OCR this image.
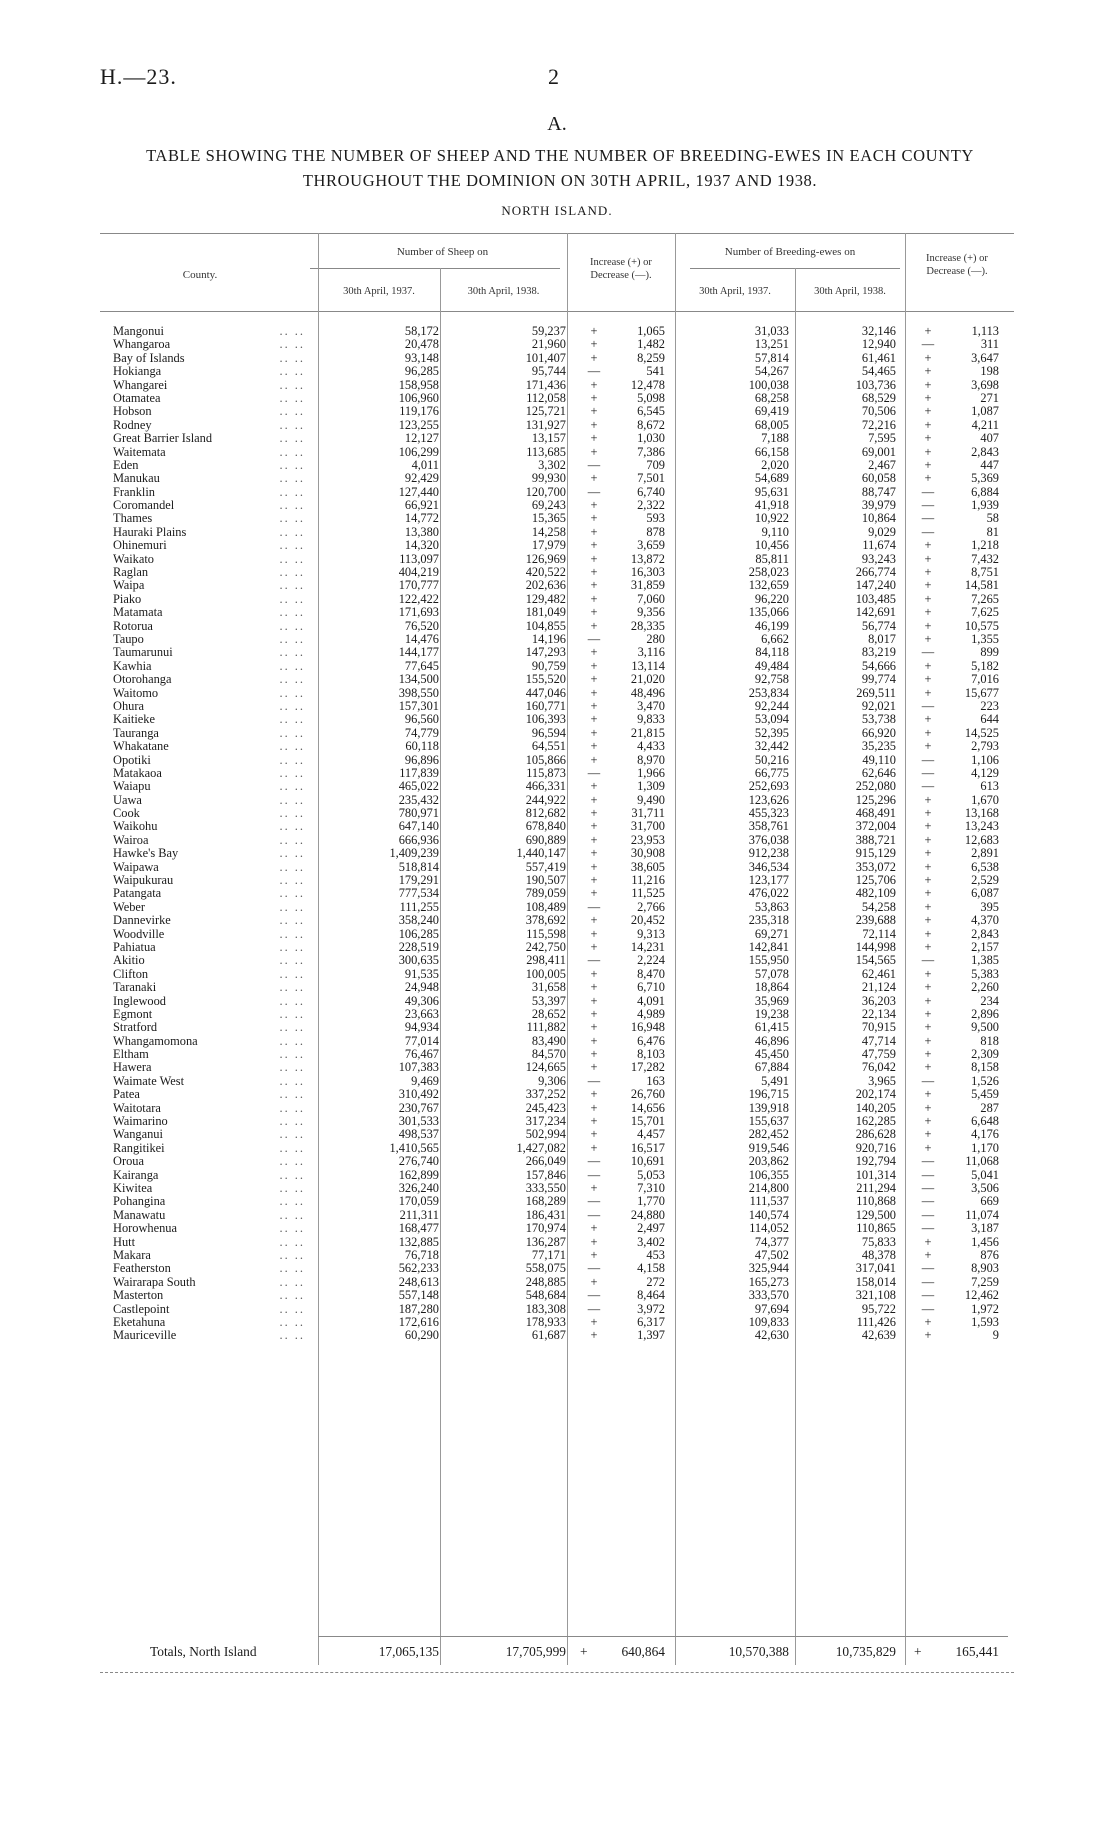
H.—23.	2
A.
TABLE SHOWING THE NUMBER OF SHEEP AND THE NUMBER OF BREEDING-EWES IN EACH COUNTY
THROUGHOUT THE DOMINION ON 30TH APRIL, 1937 AND 1938.
NORTH ISLAND.
County.
Number of Sheep on
30th April, 1937.	30th April, 1938.
Increase (+) or Decrease (—).
Number of Breeding-ewes on
30th April, 1937.	30th April, 1938.
Increase (+) or Decrease (—).
Mangonui	58,172	59,237	+	1,065	31,033	32,146	+	1,113
.. ..
Whangaroa	20,478	21,960	+	1,482	13,251	12,940 —	311
.. ..
Bay of Islands	93,148	101,407	+	8,259	57,814	61,461	+	3,647
.. ..
Hokianga	96,285	95,744 —	541	54,267	54,465	+	198
.. ..
Whangarei	158,958	171,436	+	12,478	100,038	103,736	+	3,698
.. ..
Otamatea	106,960	112,058	+	5,098	68,258	68,529	+	271
.. ..
Hobson	119,176	125,721	+	6,545	69,419	70,506	+	1,087
.. ..
Rodney	123,255	131,927	+	8,672	68,005	72,216	+	4,211
.. ..
Great Barrier Island	12,127	13,157	+	1,030	7,188	7,595	+	407
.. ..
Waitemata	106,299	113,685	+	7,386	66,158	69,001	+	2,843
.. ..
Eden	4,011	3,302 —	709	2,020	2,467	+	447
.. ..
Manukau	92,429	99,930	+	7,501	54,689	60,058	+	5,369
.. ..
Franklin	127,440	120,700 —	6,740	95,631	88,747 —	6,884
.. ..
Coromandel	66,921	69,243	+	2,322	41,918	39,979 —	1,939
.. ..
Thames	14,772	15,365	+	593	10,922	10,864 —	58
.. ..
Hauraki Plains	13,380	14,258	+	878	9,110	9,029 —	81
.. ..
Ohinemuri	14,320	17,979	+	3,659	10,456	11,674	+	1,218
.. ..
Waikato	113,097	126,969	+	13,872	85,811	93,243	+	7,432
.. ..
Raglan	404,219	420,522	+	16,303	258,023	266,774	+	8,751
.. ..
Waipa	170,777	202,636	+	31,859	132,659	147,240	+	14,581
.. ..
Piako	122,422	129,482	+	7,060	96,220	103,485	+	7,265
.. ..
Matamata	171,693	181,049	+	9,356	135,066	142,691	+	7,625
.. ..
Rotorua	76,520	104,855	+	28,335	46,199	56,774	+	10,575
.. ..
Taupo	14,476	14,196 —	280	6,662	8,017	+	1,355
.. ..
Taumarunui	144,177	147,293	+	3,116	84,118	83,219 —	899
.. ..
Kawhia	77,645	90,759	+	13,114	49,484	54,666	+	5,182
.. ..
Otorohanga	134,500	155,520	+	21,020	92,758	99,774	+	7,016
.. ..
Waitomo	398,550	447,046	+	48,496	253,834	269,511	+	15,677
.. ..
Ohura	157,301	160,771	+	3,470	92,244	92,021 —	223
.. ..
Kaitieke	96,560	106,393	+	9,833	53,094	53,738	+	644
.. ..
Tauranga	74,779	96,594	+	21,815	52,395	66,920	+	14,525
.. ..
Whakatane	60,118	64,551	+	4,433	32,442	35,235	+	2,793
.. ..
Opotiki	96,896	105,866	+	8,970	50,216	49,110 —	1,106
.. ..
Matakaoa	117,839	115,873 —	1,966	66,775	62,646 —	4,129
.. ..
Waiapu	465,022	466,331	+	1,309	252,693	252,080 —	613
.. ..
Uawa	235,432	244,922	+	9,490	123,626	125,296	+	1,670
.. ..
Cook	780,971	812,682	+	31,711	455,323	468,491	+	13,168
.. ..
Waikohu	647,140	678,840	+	31,700	358,761	372,004	+	13,243
.. ..
Wairoa	666,936	690,889	+	23,953	376,038	388,721	+	12,683
.. ..
Hawke's Bay	1,409,239	1,440,147	+	30,908	912,238	915,129	+	2,891
.. ..
Waipawa	518,814	557,419	+	38,605	346,534	353,072	+	6,538
.. ..
Waipukurau	179,291	190,507	+	11,216	123,177	125,706	+	2,529
.. ..
Patangata	777,534	789,059	+	11,525	476,022	482,109	+	6,087
.. ..
Weber	111,255	108,489 —	2,766	53,863	54,258	+	395
.. ..
Dannevirke	358,240	378,692	+	20,452	235,318	239,688	+	4,370
.. ..
Woodville	106,285	115,598	+	9,313	69,271	72,114	+	2,843
.. ..
Pahiatua	228,519	242,750	+	14,231	142,841	144,998	+	2,157
.. ..
Akitio	300,635	298,411 —	2,224	155,950	154,565 —	1,385
.. ..
Clifton	91,535	100,005	+	8,470	57,078	62,461	+	5,383
.. ..
Taranaki	24,948	31,658	+	6,710	18,864	21,124	+	2,260
.. ..
Inglewood	49,306	53,397	+	4,091	35,969	36,203	+	234
.. ..
Egmont	23,663	28,652	+	4,989	19,238	22,134	+	2,896
.. ..
Stratford	94,934	111,882	+	16,948	61,415	70,915	+	9,500
.. ..
Whangamomona	77,014	83,490	+	6,476	46,896	47,714	+	818
.. ..
Eltham	76,467	84,570	+	8,103	45,450	47,759	+	2,309
.. ..
Hawera	107,383	124,665	+	17,282	67,884	76,042	+	8,158
.. ..
Waimate West	9,469	9,306 —	163	5,491	3,965 —	1,526
.. ..
Patea	310,492	337,252	+	26,760	196,715	202,174	+	5,459
.. ..
Waitotara	230,767	245,423	+	14,656	139,918	140,205	+	287
.. ..
Waimarino	301,533	317,234	+	15,701	155,637	162,285	+	6,648
.. ..
Wanganui	498,537	502,994	+	4,457	282,452	286,628	+	4,176
.. ..
Rangitikei	1,410,565	1,427,082	+	16,517	919,546	920,716	+	1,170
.. ..
Oroua	276,740	266,049 — 10,691	203,862	192,794 —	11,068
.. ..
Kairanga	162,899	157,846 —	5,053	106,355	101,314 —	5,041
.. ..
Kiwitea	326,240	333,550	+	7,310	214,800	211,294 —	3,506
.. ..
Pohangina	170,059	168,289 —	1,770	111,537	110,868 —	669
.. ..
Manawatu	211,311	186,431 — 24,880	140,574	129,500 —	11,074
.. ..
Horowhenua	168,477	170,974	+	2,497	114,052	110,865 —	3,187
.. ..
Hutt	132,885	136,287	+	3,402	74,377	75,833	+	1,456
.. ..
Makara	76,718	77,171	+	453	47,502	48,378	+	876
.. ..
Featherston	562,233	558,075 —	4,158	325,944	317,041 —	8,903
.. ..
Wairarapa South	248,613	248,885	+	272	165,273	158,014 —	7,259
.. ..
Masterton	557,148	548,684 —	8,464	333,570	321,108 — 12,462
.. ..
Castlepoint	187,280	183,308 —	3,972	97,694	95,722 —	1,972
.. ..
Eketahuna	172,616	178,933	+	6,317	109,833	111,426	+	1,593
.. ..
Mauriceville	60,290	61,687	+	1,397	42,630	42,639	+	9
.. ..
Totals, North Island	17,065,135	17,705,999 +	640,864	10,570,388	10,735,829 +	165,441
